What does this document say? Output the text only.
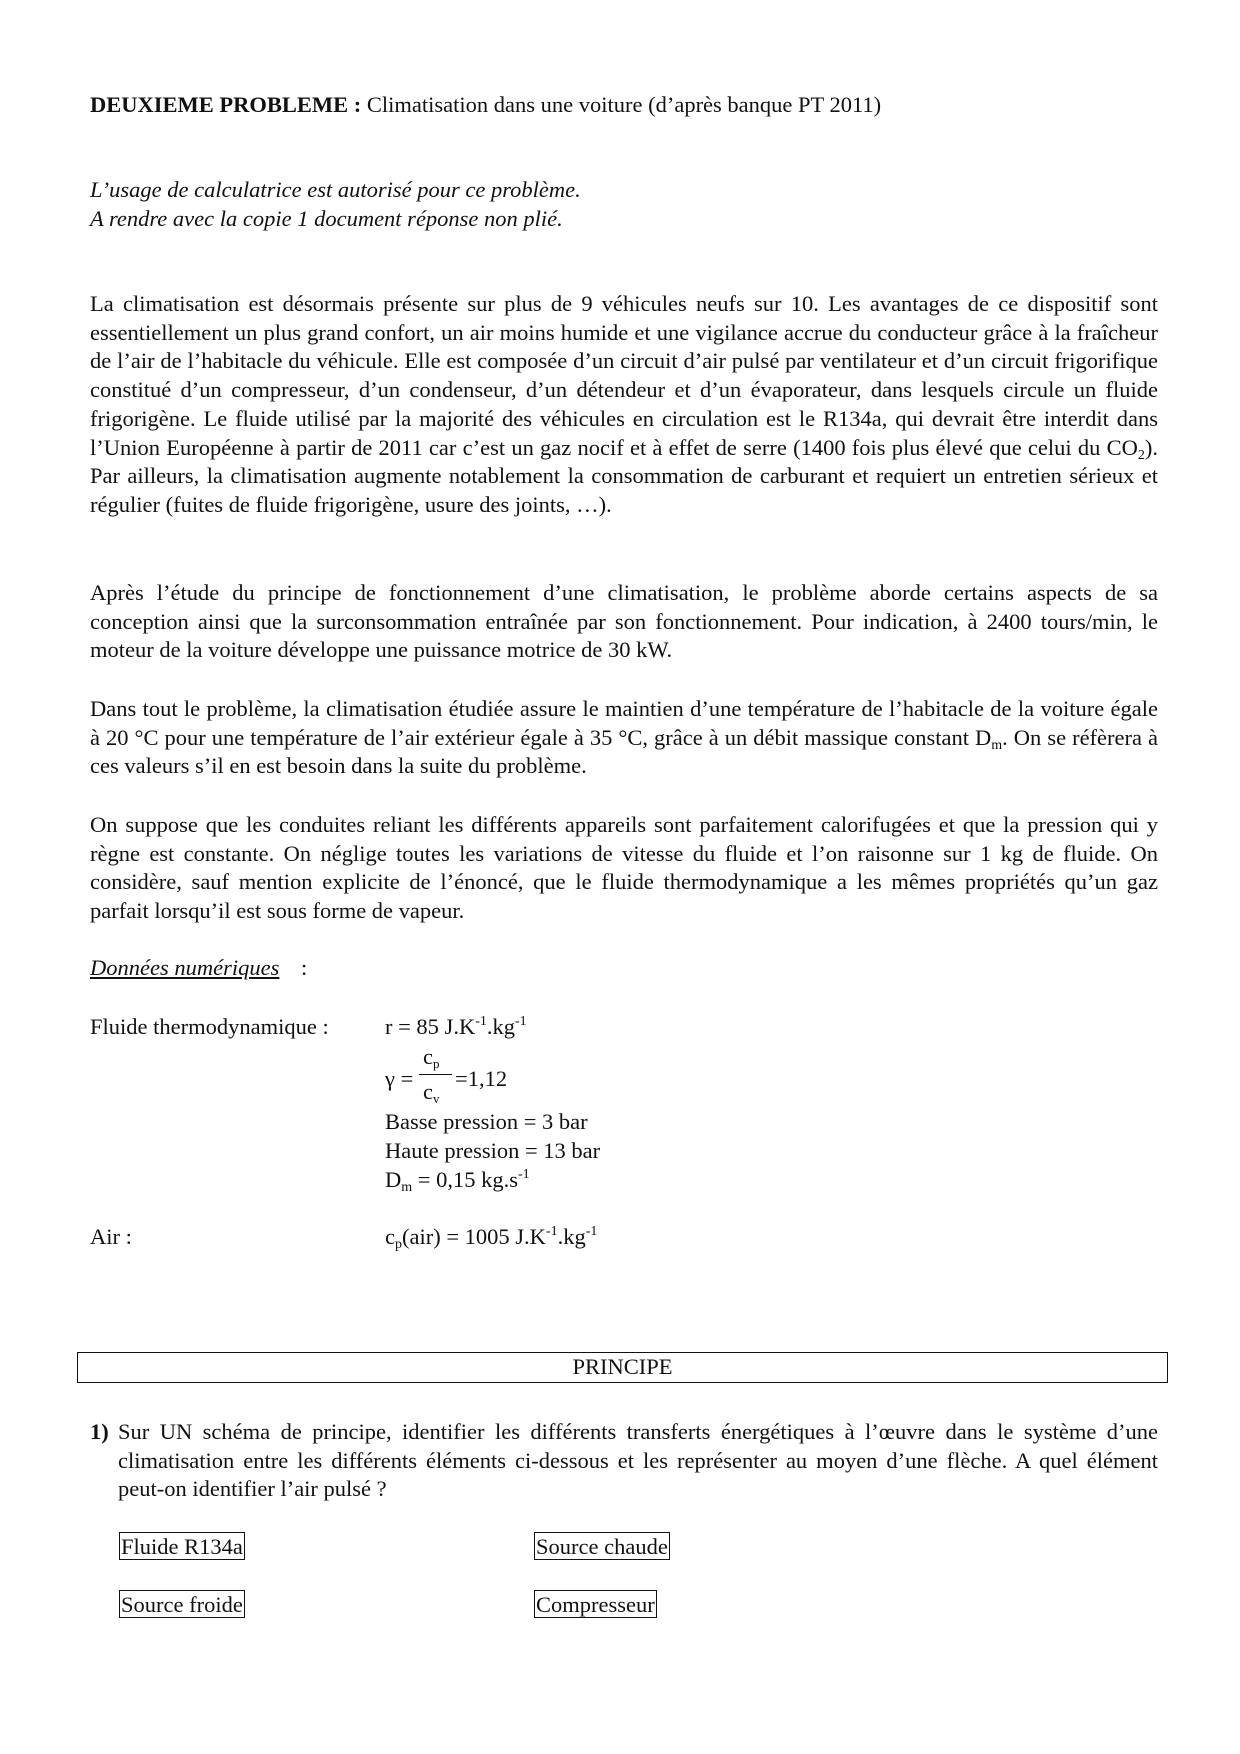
DEUXIEME PROBLEME : Climatisation dans une voiture (d’après banque PT 2011)
L’usage de calculatrice est autorisé pour ce problème.
A rendre avec la copie 1 document réponse non plié.
La climatisation est désormais présente sur plus de 9 véhicules neufs sur 10. Les avantages de ce dispositif sont essentiellement un plus grand confort, un air moins humide et une vigilance accrue du conducteur grâce à la fraîcheur de l’air de l’habitacle du véhicule. Elle est composée d’un circuit d’air pulsé par ventilateur et d’un circuit frigorifique constitué d’un compresseur, d’un condenseur, d’un détendeur et d’un évaporateur, dans lesquels circule un fluide frigorigène. Le fluide utilisé par la majorité des véhicules en circulation est le R134a, qui devrait être interdit dans l’Union Européenne à partir de 2011 car c’est un gaz nocif et à effet de serre (1400 fois plus élevé que celui du $CO_2$). Par ailleurs, la climatisation augmente notablement la consommation de carburant et requiert un entretien sérieux et régulier (fuites de fluide frigorigène, usure des joints, …).
Après l’étude du principe de fonctionnement d’une climatisation, le problème aborde certains aspects de sa conception ainsi que la surconsommation entraînée par son fonctionnement. Pour indication, à 2400 tours/min, le moteur de la voiture développe une puissance motrice de 30 kW.
Dans tout le problème, la climatisation étudiée assure le maintien d’une température de l’habitacle de la voiture égale à 20 °C pour une température de l’air extérieur égale à 35 °C, grâce à un débit massique constant $D_m$. On se réfèrera à ces valeurs s’il en est besoin dans la suite du problème.
On suppose que les conduites reliant les différents appareils sont parfaitement calorifugées et que la pression qui y règne est constante. On néglige toutes les variations de vitesse du fluide et l’on raisonne sur 1 kg de fluide. On considère, sauf mention explicite de l’énoncé, que le fluide thermodynamique a les mêmes propriétés qu’un gaz parfait lorsqu’il est sous forme de vapeur.
Données numériques :
Fluide thermodynamique :	r = 85 $J.K^{-1}.kg^{-1}$
γ =
$c_p$
$c_v$
=1,12
Basse pression = 3 bar
Haute pression = 13 bar
$D_m = 0,15$ $kg.s^{-1}$
Air :	$c_p(air) = 1005$ $J.K^{-1}.kg^{-1}$
PRINCIPE
1) Sur UN schéma de principe, identifier les différents transferts énergétiques à l’œuvre dans le système d’une climatisation entre les différents éléments ci-dessous et les représenter au moyen d’une flèche. A quel élément peut-on identifier l’air pulsé ?
Fluide R134a	Source chaude
Source froide	Compresseur
